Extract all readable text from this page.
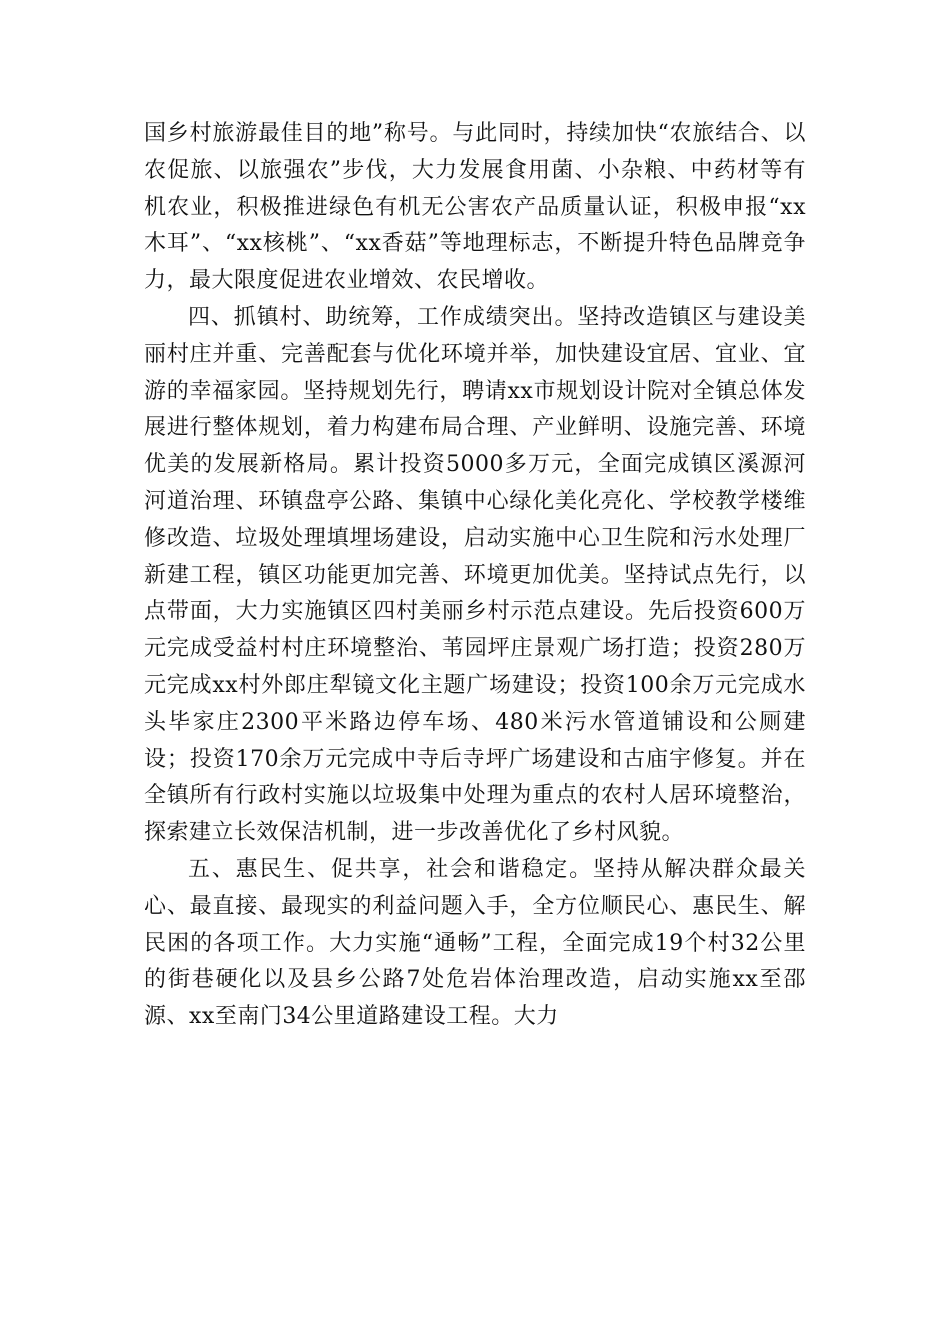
国乡村旅游最佳目的地”称号。与此同时，持续加快“农旅结合、以农促旅、以旅强农”步伐，大力发展食用菌、小杂粮、中药材等有机农业，积极推进绿色有机无公害农产品质量认证，积极申报“xx木耳”、“xx核桃”、“xx香菇”等地理标志，不断提升特色品牌竞争力，最大限度促进农业增效、农民增收。

四、抓镇村、助统筹，工作成绩突出。坚持改造镇区与建设美丽村庄并重、完善配套与优化环境并举，加快建设宜居、宜业、宜游的幸福家园。坚持规划先行，聘请xx市规划设计院对全镇总体发展进行整体规划，着力构建布局合理、产业鲜明、设施完善、环境优美的发展新格局。累计投资5000多万元，全面完成镇区溪源河河道治理、环镇盘亭公路、集镇中心绿化美化亮化、学校教学楼维修改造、垃圾处理填埋场建设，启动实施中心卫生院和污水处理厂新建工程，镇区功能更加完善、环境更加优美。坚持试点先行，以点带面，大力实施镇区四村美丽乡村示范点建设。先后投资600万元完成受益村村庄环境整治、苇园坪庄景观广场打造；投资280万元完成xx村外郎庄犁镜文化主题广场建设；投资100余万元完成水头毕家庄2300平米路边停车场、480米污水管道铺设和公厕建设；投资170余万元完成中寺后寺坪广场建设和古庙宇修复。并在全镇所有行政村实施以垃圾集中处理为重点的农村人居环境整治，探索建立长效保洁机制，进一步改善优化了乡村风貌。

五、惠民生、促共享，社会和谐稳定。坚持从解决群众最关心、最直接、最现实的利益问题入手，全方位顺民心、惠民生、解民困的各项工作。大力实施“通畅”工程，全面完成19个村32公里的街巷硬化以及县乡公路7处危岩体治理改造，启动实施xx至邵源、xx至南门34公里道路建设工程。大力
